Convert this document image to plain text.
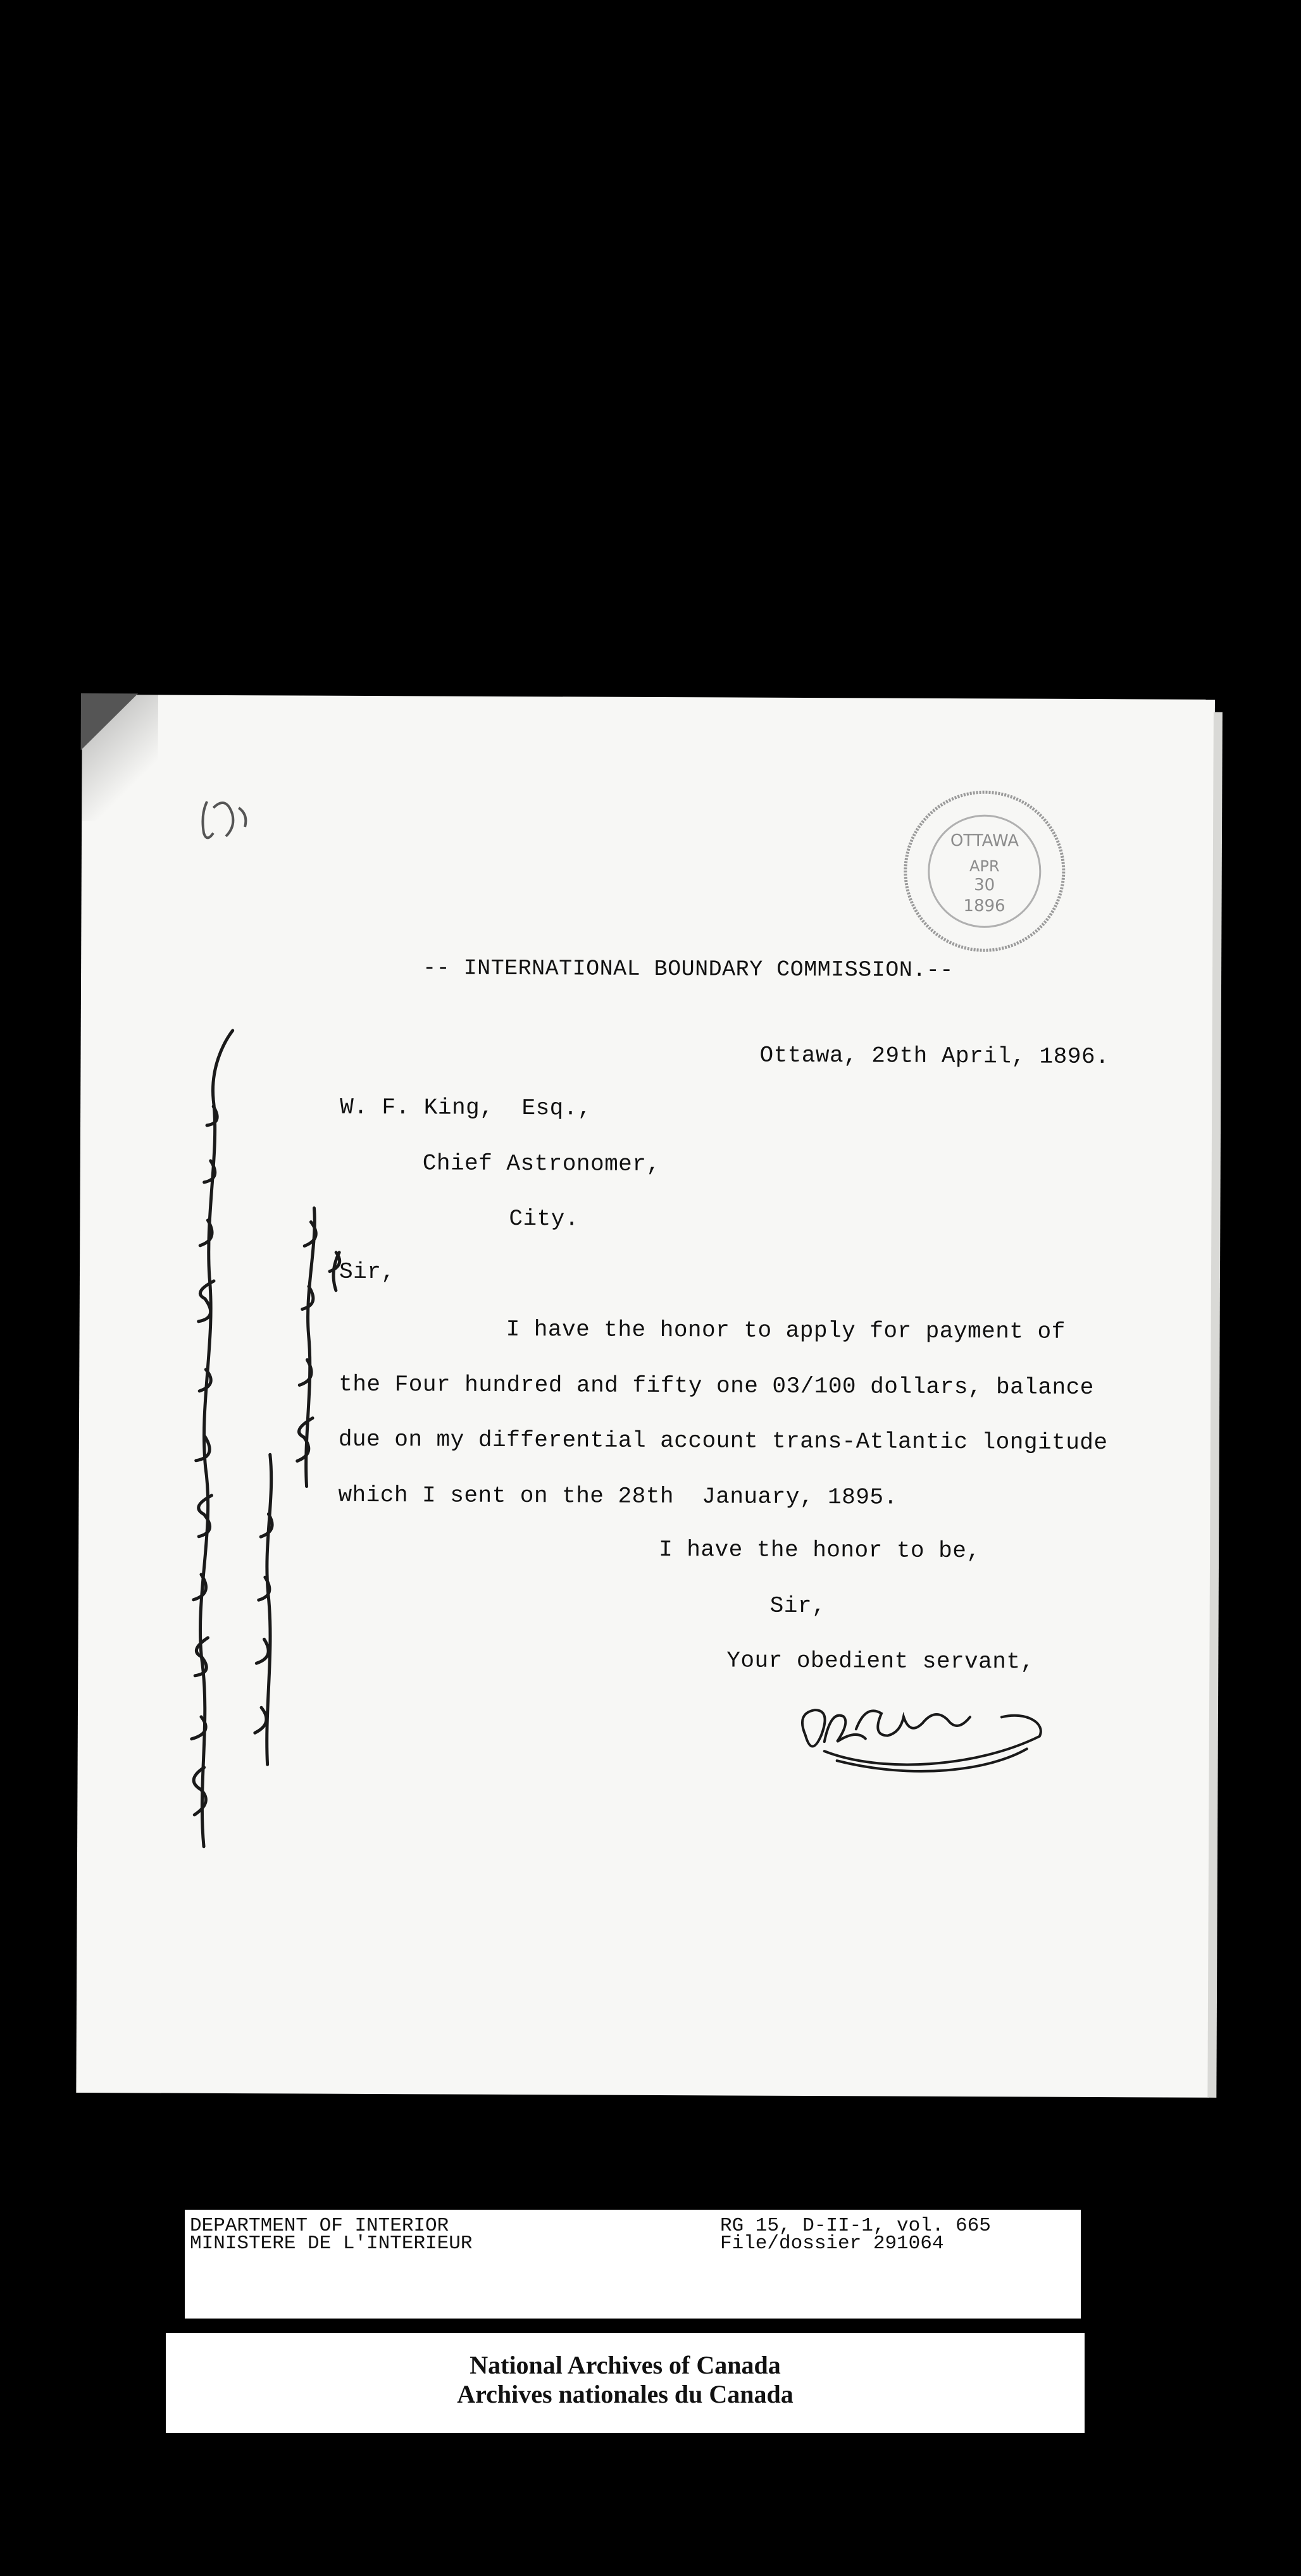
OTTAWA
APR
30
1896
-- INTERNATIONAL BOUNDARY COMMISSION.--
Ottawa, 29th April, 1896.
W. F. King,  Esq.,
Chief Astronomer,
City.
Sir,
I have the honor to apply for payment of
the Four hundred and fifty one 03/100 dollars, balance
due on my differential account trans-Atlantic longitude
which I sent on the 28th  January, 1895.
I have the honor to be,
Sir,
Your obedient servant,
DEPARTMENT OF INTERIOR
MINISTERE DE L'INTERIEUR
RG 15, D-II-1, vol. 665
File/dossier 291064
National Archives of Canada
Archives nationales du Canada
